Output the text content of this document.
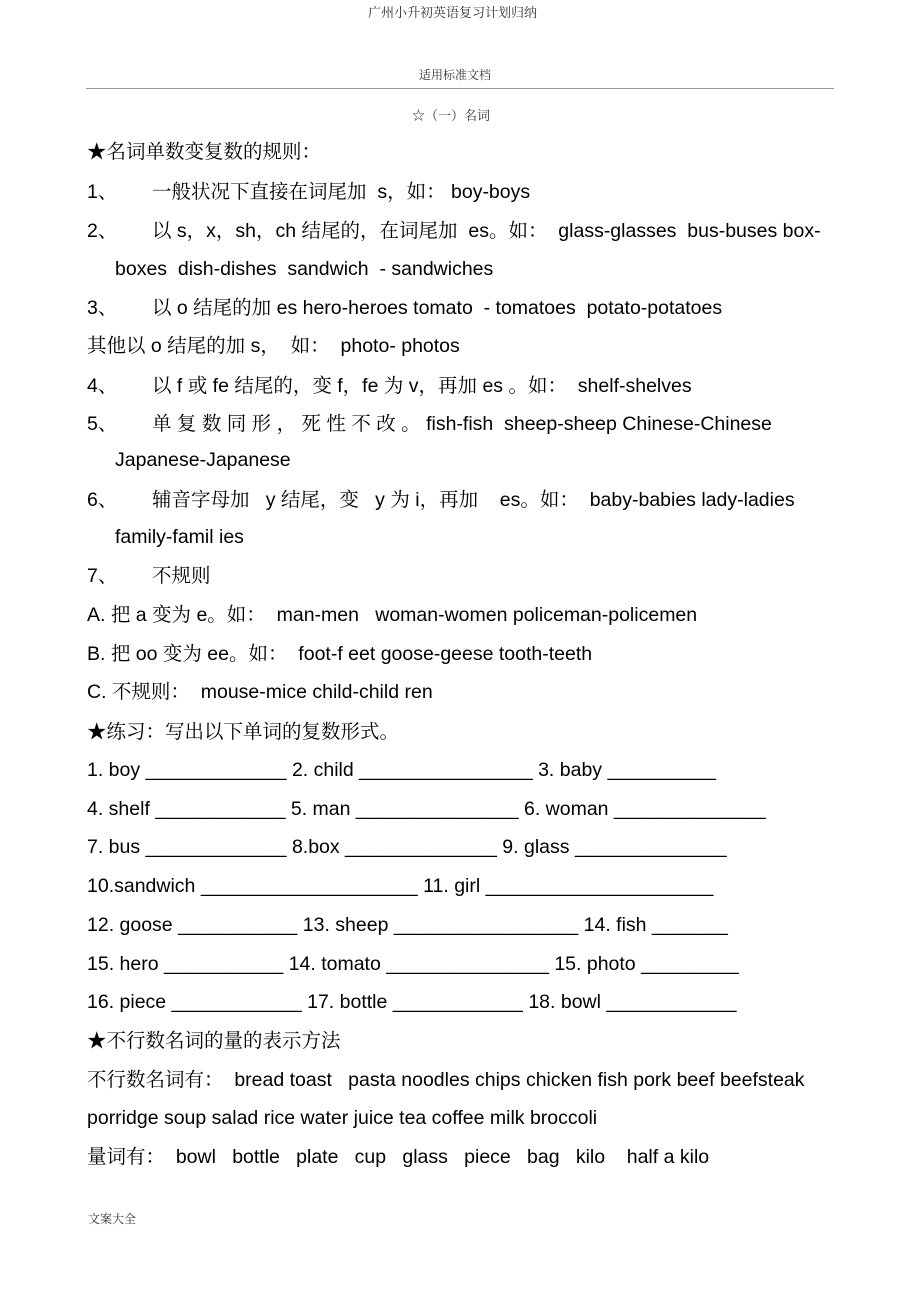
广州小升初英语复习计划归纳
适用标准文档
☆（一）名词
★名词单数变复数的规则：
1、 一般状况下直接在词尾加  s，如： boy-boys
2、 以 s，x，sh，ch 结尾的，在词尾加  es。如：  glass-glasses  bus-buses box-
boxes  dish-dishes  sandwich  - sandwiches
3、 以 o 结尾的加 es hero-heroes tomato  - tomatoes  potato-potatoes
其他以 o 结尾的加 s，  如：  photo- photos
4、 以 f 或 fe 结尾的，变 f，fe 为 v，再加 es 。如：  shelf-shelves
5、 单 复 数 同 形 ， 死 性 不 改 。 fish-fish  sheep-sheep Chinese-Chinese
Japanese-Japanese
6、 辅音字母加   y 结尾，变   y 为 i，再加    es。如：  baby-babies lady-ladies
family-famil ies
7、 不规则
A. 把 a 变为 e。如：  man-men   woman-women policeman-policemen
B. 把 oo 变为 ee。如：  foot-f eet goose-geese tooth-teeth
C. 不规则：  mouse-mice child-child ren
★练习：写出以下单词的复数形式。
1. boy _____________ 2. child ________________ 3. baby __________
4. shelf ____________ 5. man _______________ 6. woman ______________
7. bus _____________ 8.box ______________ 9. glass ______________
10.sandwich ____________________ 11. girl _____________________
12. goose ___________ 13. sheep _________________ 14. fish _______
15. hero ___________ 14. tomato _______________ 15. photo _________
16. piece ____________ 17. bottle ____________ 18. bowl ____________
★不行数名词的量的表示方法
不行数名词有：  bread toast   pasta noodles chips chicken fish pork beef beefsteak
porridge soup salad rice water juice tea coffee milk broccoli
量词有：  bowl   bottle   plate   cup   glass   piece   bag   kilo    half a kilo
文案大全
